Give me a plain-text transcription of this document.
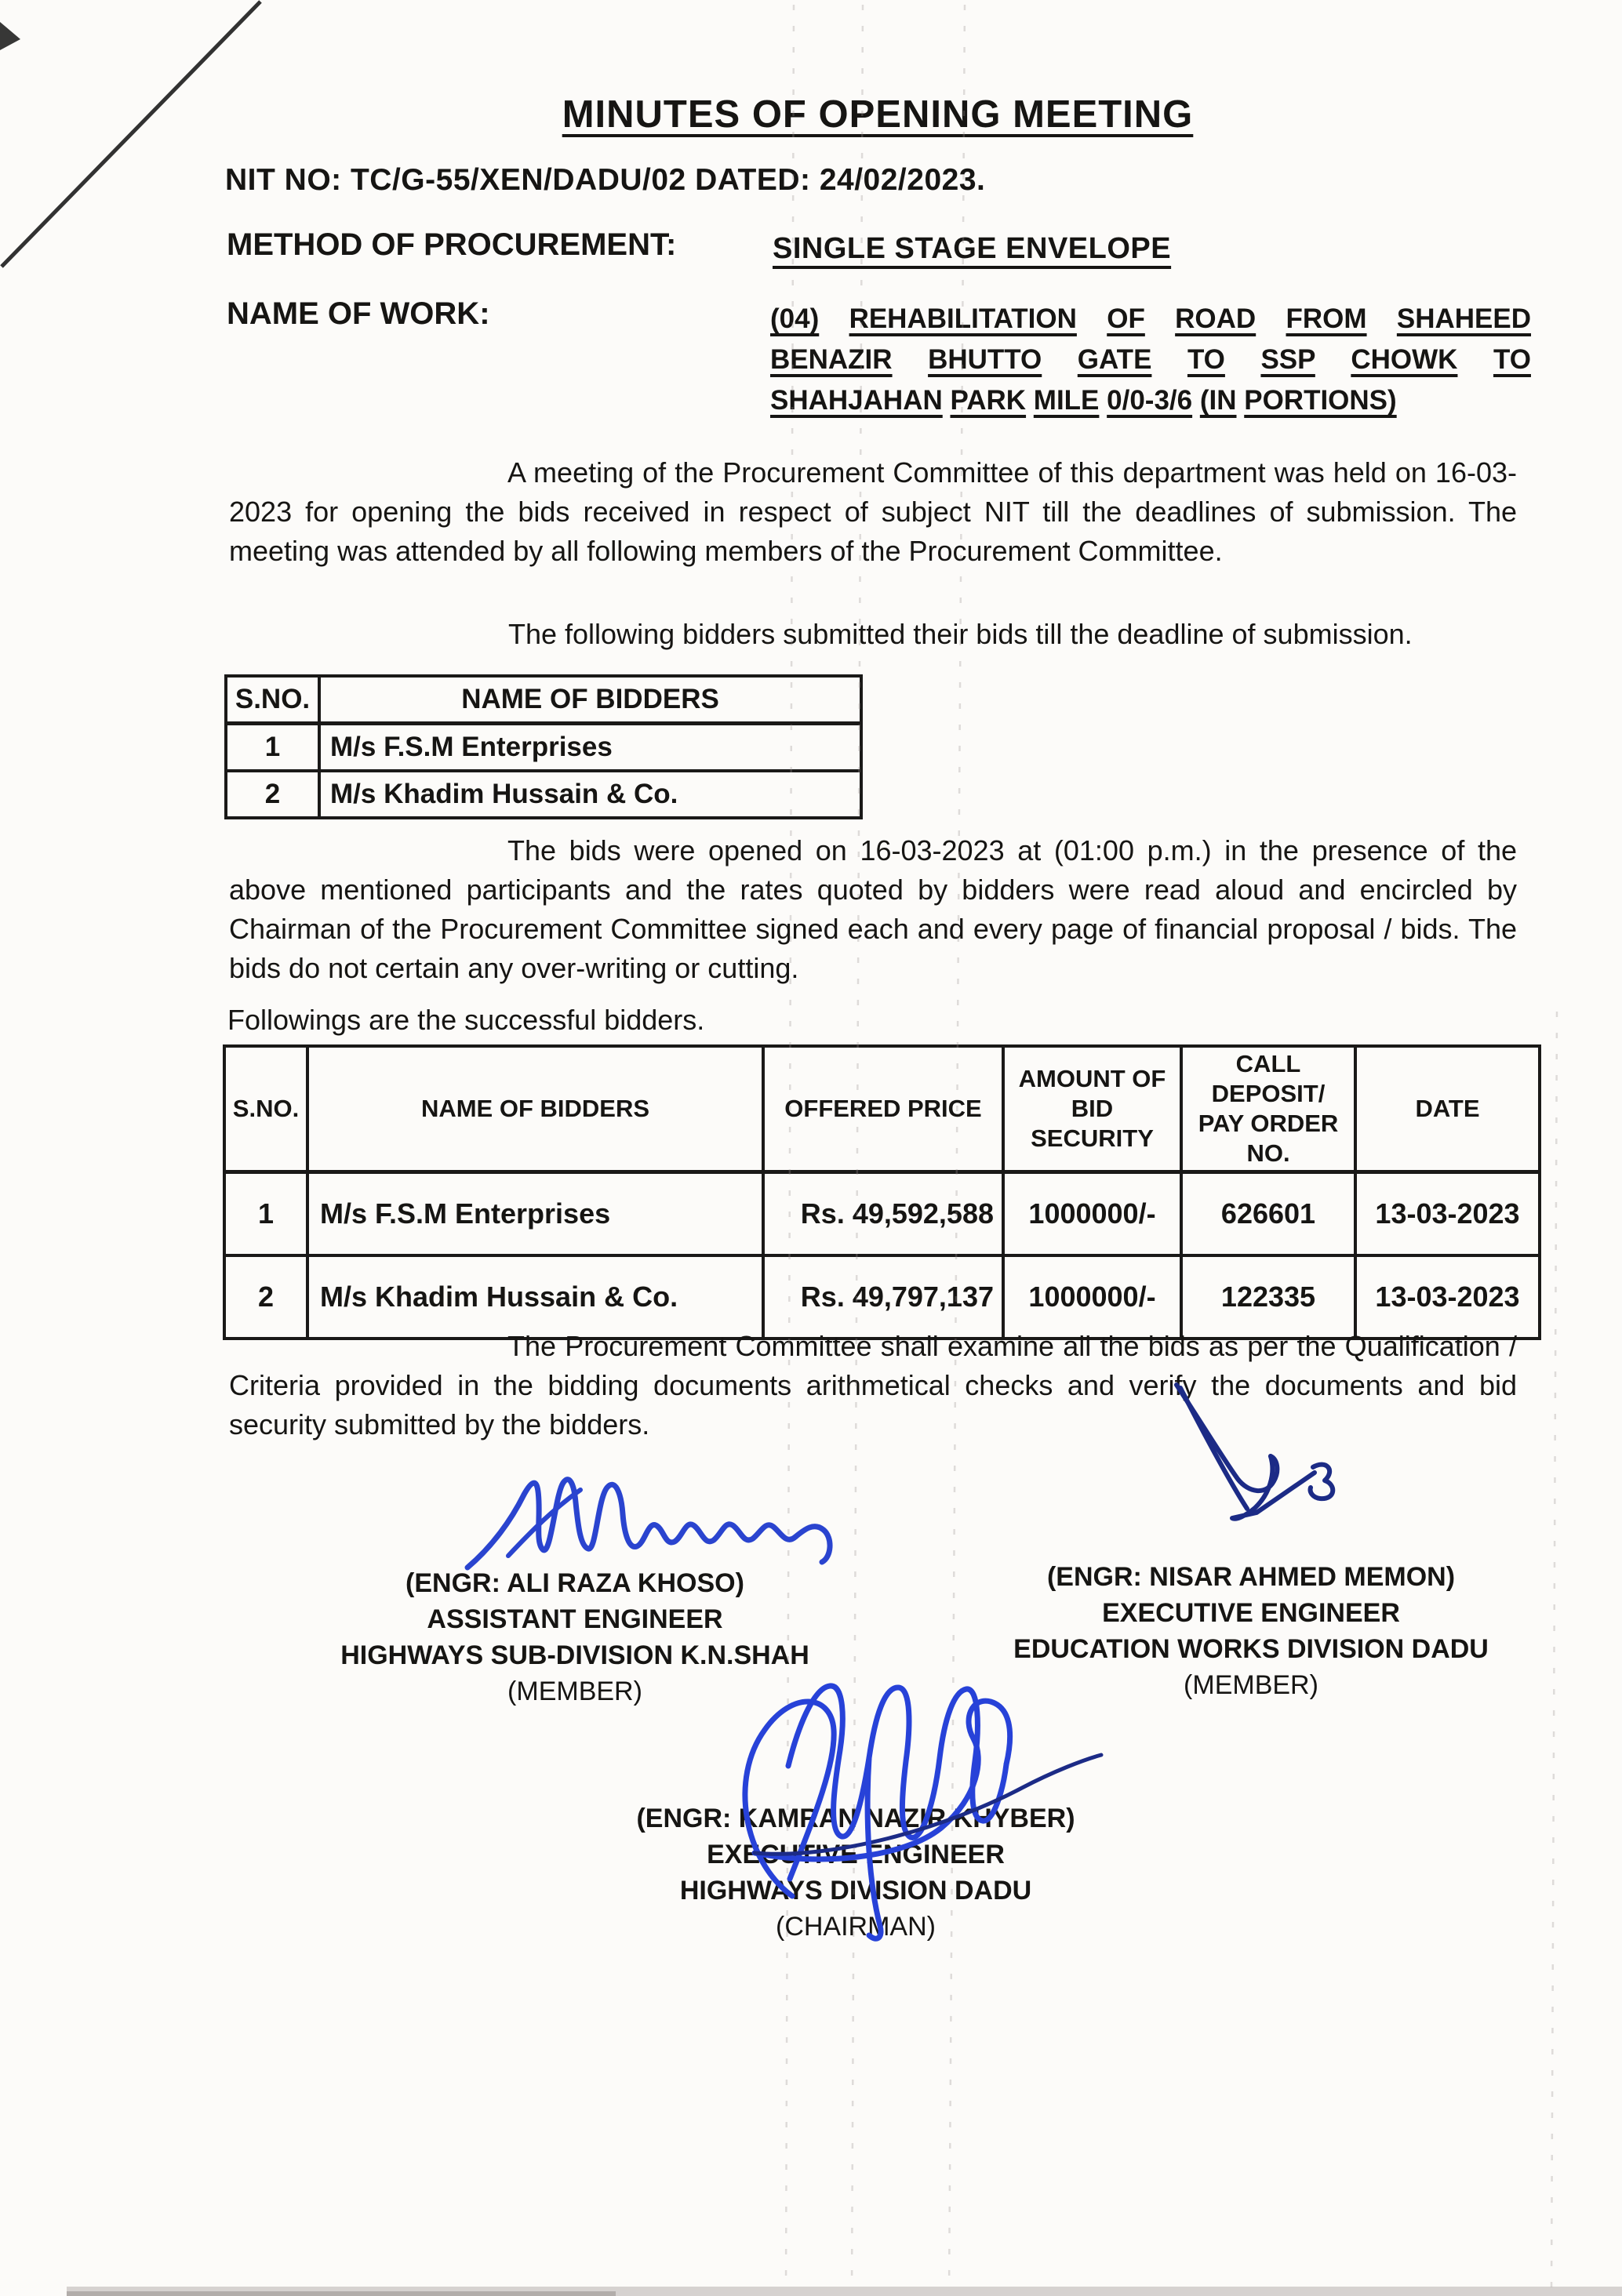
MINUTES OF OPENING MEETING
NIT NO: TC/G-55/XEN/DADU/02 DATED: 24/02/2023.
METHOD OF PROCUREMENT:	SINGLE STAGE ENVELOPE
NAME OF WORK:	(04) REHABILITATION OF ROAD FROM SHAHEED BENAZIR BHUTTO GATE TO SSP CHOWK TO SHAHJAHAN PARK MILE 0/0-3/6 (IN PORTIONS)
A meeting of the Procurement Committee of this department was held on 16-03-2023 for opening the bids received in respect of subject NIT till the deadlines of submission. The meeting was attended by all following members of the Procurement Committee.
The following bidders submitted their bids till the deadline of submission.
S.NO.	NAME OF BIDDERS
1	M/s F.S.M Enterprises
2	M/s Khadim Hussain & Co.
The bids were opened on 16-03-2023 at (01:00 p.m.) in the presence of the above mentioned participants and the rates quoted by bidders were read aloud and encircled by Chairman of the Procurement Committee signed each and every page of financial proposal / bids. The bids do not certain any over-writing or cutting.
Followings are the successful bidders.
S.NO.	NAME OF BIDDERS	OFFERED PRICE	AMOUNT OF BID SECURITY	CALL DEPOSIT/ PAY ORDER NO.	DATE
1	M/s F.S.M Enterprises	Rs. 49,592,588	1000000/-	626601	13-03-2023
2	M/s Khadim Hussain & Co.	Rs. 49,797,137	1000000/-	122335	13-03-2023
The Procurement Committee shall examine all the bids as per the Qualification / Criteria provided in the bidding documents arithmetical checks and verify the documents and bid security submitted by the bidders.
(ENGR: ALI RAZA KHOSO)
ASSISTANT ENGINEER
HIGHWAYS SUB-DIVISION K.N.SHAH
(MEMBER)
(ENGR: NISAR AHMED MEMON)
EXECUTIVE ENGINEER
EDUCATION WORKS DIVISION DADU
(MEMBER)
(ENGR: KAMRAN NAZIR KHYBER)
EXECUTIVE ENGINEER
HIGHWAYS DIVISION DADU
(CHAIRMAN)
